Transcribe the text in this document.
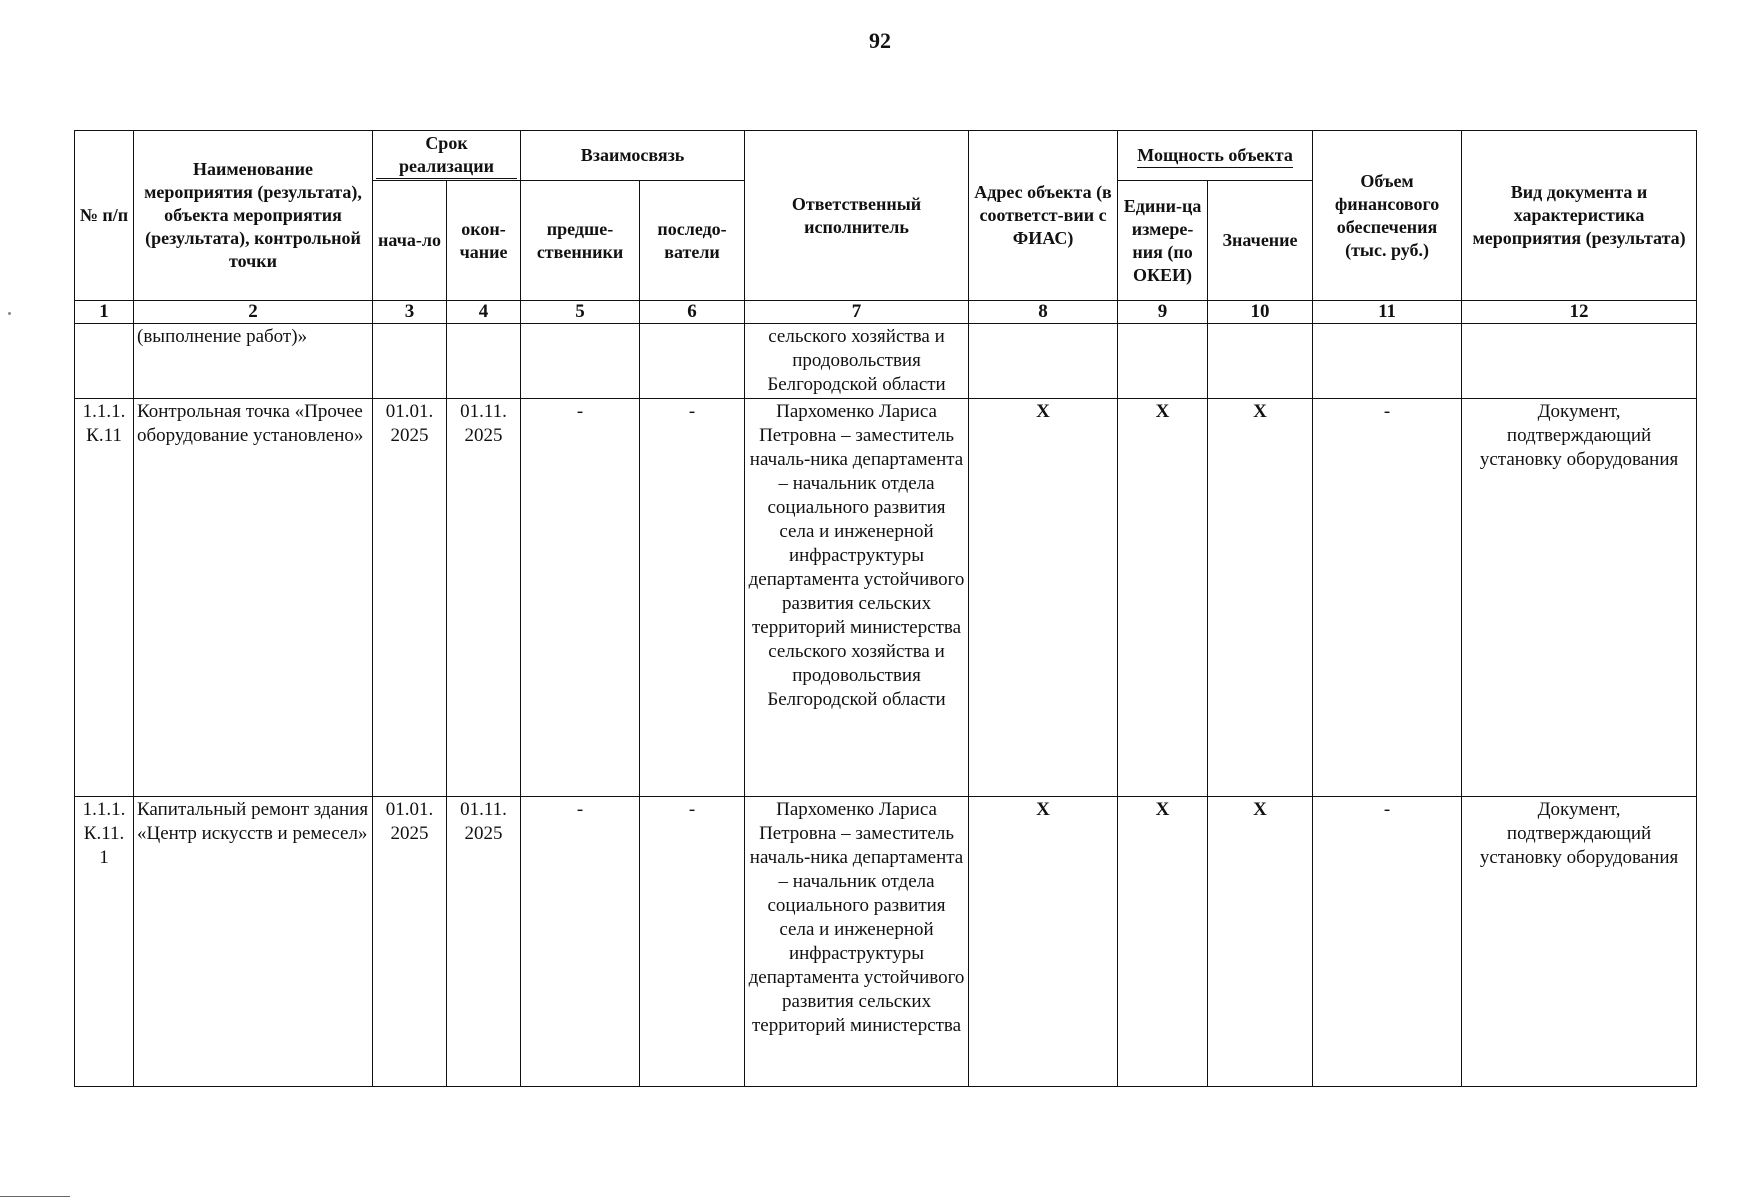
92
№ п/п	Наименование мероприятия (результата), объекта мероприятия (результата), контрольной точки	Срок реализации		Взаимосвязь		Ответственный исполнитель	Адрес объекта (в соответст-вии с ФИАС)	Мощность объекта		Объем финансового обеспечения (тыс. руб.)	Вид документа и характеристика мероприятия (результата)
		нача-ло	окон-чание	предше-ственники	последо-ватели			Едини-ца измере-ния (по ОКЕИ)	Значение		
1	2	3	4	5	6	7	8	9	10	11	12
	(выполнение работ)»					сельского хозяйства и продовольствия Белгородской области					
1.1.1. К.11	Контрольная точка «Прочее оборудование установлено»	01.01. 2025	01.11. 2025	-	-	Пархоменко Лариса Петровна – заместитель началь-ника департамента – начальник отдела социального развития села и инженерной инфраструктуры департамента устойчивого развития сельских территорий министерства сельского хозяйства и продовольствия Белгородской области	Х	Х	Х	-	Документ, подтверждающий установку оборудования
1.1.1. К.11. 1	Капитальный ремонт здания «Центр искусств и ремесел»	01.01. 2025	01.11. 2025	-	-	Пархоменко Лариса Петровна – заместитель началь-ника департамента – начальник отдела социального развития села и инженерной инфраструктуры департамента устойчивого развития сельских территорий министерства	Х	Х	Х	-	Документ, подтверждающий установку оборудования
